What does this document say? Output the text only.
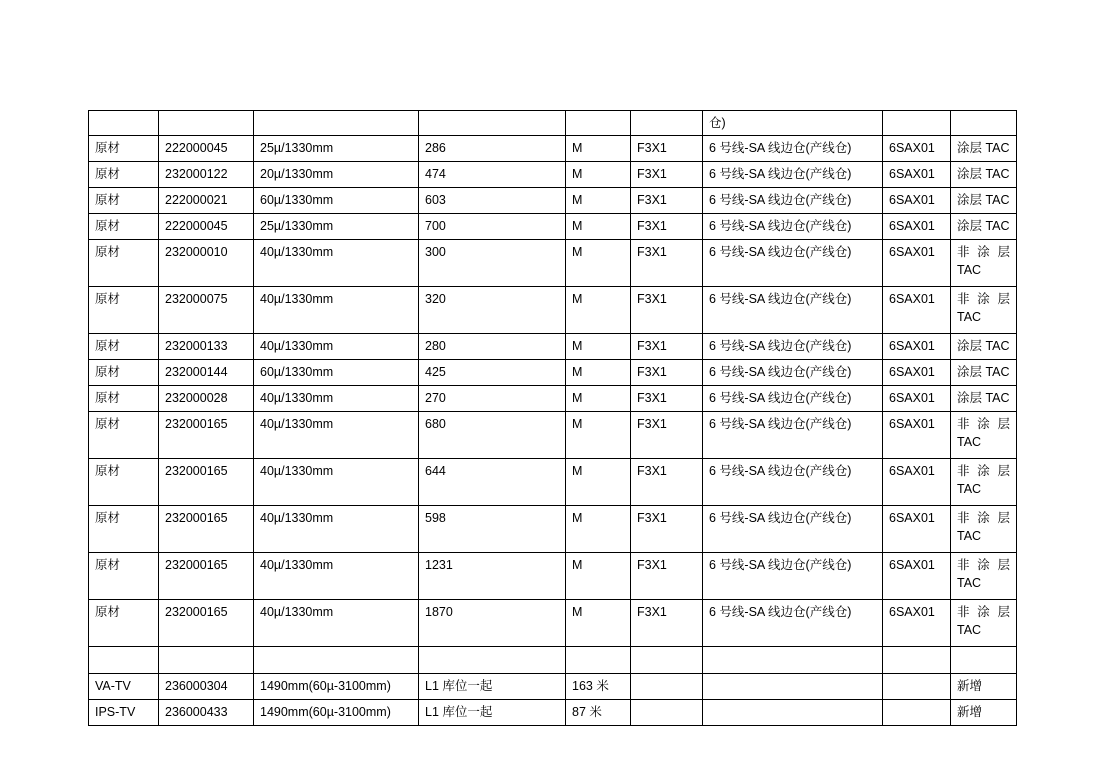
						仓)		
原材	222000045	25µ/1330mm	286	M	F3X1	6 号线-SA 线边仓(产线仓)	6SAX01	涂层 TAC
原材	232000122	20µ/1330mm	474	M	F3X1	6 号线-SA 线边仓(产线仓)	6SAX01	涂层 TAC
原材	222000021	60µ/1330mm	603	M	F3X1	6 号线-SA 线边仓(产线仓)	6SAX01	涂层 TAC
原材	222000045	25µ/1330mm	700	M	F3X1	6 号线-SA 线边仓(产线仓)	6SAX01	涂层 TAC
原材	232000010	40µ/1330mm	300	M	F3X1	6 号线-SA 线边仓(产线仓)	6SAX01	非 涂 层 TAC
原材	232000075	40µ/1330mm	320	M	F3X1	6 号线-SA 线边仓(产线仓)	6SAX01	非 涂 层 TAC
原材	232000133	40µ/1330mm	280	M	F3X1	6 号线-SA 线边仓(产线仓)	6SAX01	涂层 TAC
原材	232000144	60µ/1330mm	425	M	F3X1	6 号线-SA 线边仓(产线仓)	6SAX01	涂层 TAC
原材	232000028	40µ/1330mm	270	M	F3X1	6 号线-SA 线边仓(产线仓)	6SAX01	涂层 TAC
原材	232000165	40µ/1330mm	680	M	F3X1	6 号线-SA 线边仓(产线仓)	6SAX01	非 涂 层 TAC
原材	232000165	40µ/1330mm	644	M	F3X1	6 号线-SA 线边仓(产线仓)	6SAX01	非 涂 层 TAC
原材	232000165	40µ/1330mm	598	M	F3X1	6 号线-SA 线边仓(产线仓)	6SAX01	非 涂 层 TAC
原材	232000165	40µ/1330mm	1231	M	F3X1	6 号线-SA 线边仓(产线仓)	6SAX01	非 涂 层 TAC
原材	232000165	40µ/1330mm	1870	M	F3X1	6 号线-SA 线边仓(产线仓)	6SAX01	非 涂 层 TAC

VA-TV	236000304	1490mm(60µ-3100mm)	L1 库位一起	163 米				新增
IPS-TV	236000433	1490mm(60µ-3100mm)	L1 库位一起	87 米				新增
